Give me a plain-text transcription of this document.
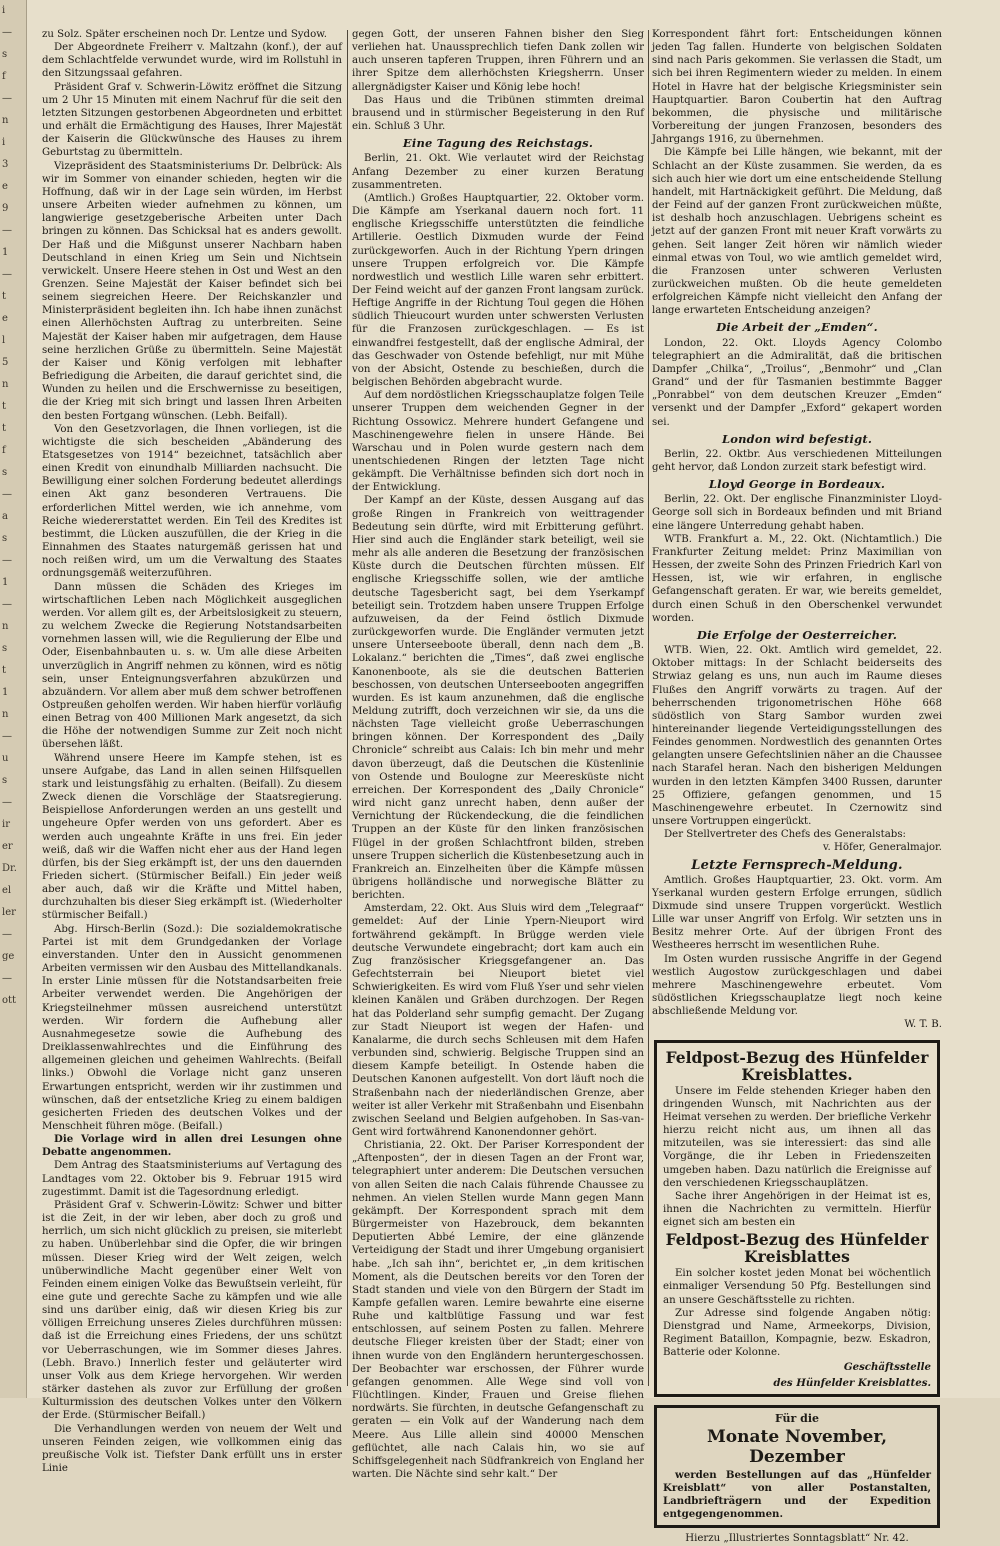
i
—
s
f
—
n
i
3
e
9
—
1
—
t
e
l
5
n
t
t
f
s
—
a
s
—
1
—
n
s
t
1
n
—
u
s
—
ir
er
Dr.
el
ler
—
ge
—
ott

zu Solz. Später erscheinen noch Dr. Lentze und Sydow.

Der Abgeordnete Freiherr v. Maltzahn (konf.), der auf dem Schlachtfelde verwundet wurde, wird im Rollstuhl in den Sitzungssaal gefahren.

Präsident Graf v. Schwerin-Löwitz eröffnet die Sitzung um 2 Uhr 15 Minuten mit einem Nachruf für die seit den letzten Sitzungen gestorbenen Abgeordneten und erbittet und erhält die Ermächtigung des Hauses, Ihrer Majestät der Kaiserin die Glückwünsche des Hauses zu ihrem Geburtstag zu übermitteln.

Vizepräsident des Staatsministeriums Dr. Delbrück: Als wir im Sommer von einander schieden, hegten wir die Hoffnung, daß wir in der Lage sein würden, im Herbst unsere Arbeiten wieder aufnehmen zu können, um langwierige gesetzgeberische Arbeiten unter Dach bringen zu können. Das Schicksal hat es anders gewollt. Der Haß und die Mißgunst unserer Nachbarn haben Deutschland in einen Krieg um Sein und Nichtsein verwickelt. Unsere Heere stehen in Ost und West an den Grenzen. Seine Majestät der Kaiser befindet sich bei seinem siegreichen Heere. Der Reichskanzler und Ministerpräsident begleiten ihn. Ich habe ihnen zunächst einen Allerhöchsten Auftrag zu unterbreiten. Seine Majestät der Kaiser haben mir aufgetragen, dem Hause seine herzlichen Grüße zu übermitteln. Seine Majestät der Kaiser und König verfolgen mit lebhafter Befriedigung die Arbeiten, die darauf gerichtet sind, die Wunden zu heilen und die Erschwernisse zu beseitigen, die der Krieg mit sich bringt und lassen Ihren Arbeiten den besten Fortgang wünschen. (Lebh. Beifall).

Von den Gesetzvorlagen, die Ihnen vorliegen, ist die wichtigste die sich bescheiden „Abänderung des Etatsgesetzes von 1914“ bezeichnet, tatsächlich aber einen Kredit von einundhalb Milliarden nachsucht. Die Bewilligung einer solchen Forderung bedeutet allerdings einen Akt ganz besonderen Vertrauens. Die erforderlichen Mittel werden, wie ich annehme, vom Reiche wiedererstattet werden. Ein Teil des Kredites ist bestimmt, die Lücken auszufüllen, die der Krieg in die Einnahmen des Staates naturgemäß gerissen hat und noch reißen wird, um um die Verwaltung des Staates ordnungsgemäß weiterzuführen.

Dann müssen die Schäden des Krieges im wirtschaftlichen Leben nach Möglichkeit ausgeglichen werden. Vor allem gilt es, der Arbeitslosigkeit zu steuern, zu welchem Zwecke die Regierung Notstandsarbeiten vornehmen lassen will, wie die Regulierung der Elbe und Oder, Eisenbahnbauten u. s. w. Um alle diese Arbeiten unverzüglich in Angriff nehmen zu können, wird es nötig sein, unser Enteignungsverfahren abzukürzen und abzuändern. Vor allem aber muß dem schwer betroffenen Ostpreußen geholfen werden. Wir haben hierfür vorläufig einen Betrag von 400 Millionen Mark angesetzt, da sich die Höhe der notwendigen Summe zur Zeit noch nicht übersehen läßt.

Während unsere Heere im Kampfe stehen, ist es unsere Aufgabe, das Land in allen seinen Hilfsquellen stark und leistungsfähig zu erhalten. (Beifall). Zu diesem Zweck dienen die Vorschläge der Staatsregierung. Beispiellose Anforderungen werden an uns gestellt und ungeheure Opfer werden von uns gefordert. Aber es werden auch ungeahnte Kräfte in uns frei. Ein jeder weiß, daß wir die Waffen nicht eher aus der Hand legen dürfen, bis der Sieg erkämpft ist, der uns den dauernden Frieden sichert. (Stürmischer Beifall.) Ein jeder weiß aber auch, daß wir die Kräfte und Mittel haben, durchzuhalten bis dieser Sieg erkämpft ist. (Wiederholter stürmischer Beifall.)

Abg. Hirsch-Berlin (Sozd.): Die sozialdemokratische Partei ist mit dem Grundgedanken der Vorlage einverstanden. Unter den in Aussicht genommenen Arbeiten vermissen wir den Ausbau des Mittellandkanals. In erster Linie müssen für die Notstandsarbeiten freie Arbeiter verwendet werden. Die Angehörigen der Kriegsteilnehmer müssen ausreichend unterstützt werden. Wir fordern die Aufhebung aller Ausnahmegesetze sowie die Aufhebung des Dreiklassenwahlrechtes und die Einführung des allgemeinen gleichen und geheimen Wahlrechts. (Beifall links.) Obwohl die Vorlage nicht ganz unseren Erwartungen entspricht, werden wir ihr zustimmen und wünschen, daß der entsetzliche Krieg zu einem baldigen gesicherten Frieden des deutschen Volkes und der Menschheit führen möge. (Beifall.)

Die Vorlage wird in allen drei Lesungen ohne Debatte angenommen.

Dem Antrag des Staatsministeriums auf Vertagung des Landtages vom 22. Oktober bis 9. Februar 1915 wird zugestimmt. Damit ist die Tagesordnung erledigt.

Präsident Graf v. Schwerin-Löwitz: Schwer und bitter ist die Zeit, in der wir leben, aber doch zu groß und herrlich, um sich nicht glücklich zu preisen, sie miterlebt zu haben. Unüberlehbar sind die Opfer, die wir bringen müssen. Dieser Krieg wird der Welt zeigen, welch unüberwindliche Macht gegenüber einer Welt von Feinden einem einigen Volke das Bewußtsein verleiht, für eine gute und gerechte Sache zu kämpfen und wie alle sind uns darüber einig, daß wir diesen Krieg bis zur völligen Erreichung unseres Zieles durchführen müssen: daß ist die Erreichung eines Friedens, der uns schützt vor Ueberraschungen, wie im Sommer dieses Jahres. (Lebh. Bravo.) Innerlich fester und geläuterter wird unser Volk aus dem Kriege hervorgehen. Wir werden stärker dastehen als zuvor zur Erfüllung der großen Kulturmission des deutschen Volkes unter den Völkern der Erde. (Stürmischer Beifall.)

Die Verhandlungen werden von neuem der Welt und unseren Feinden zeigen, wie vollkommen einig das preußische Volk ist. Tiefster Dank erfüllt uns in erster Linie

gegen Gott, der unseren Fahnen bisher den Sieg verliehen hat. Unaussprechlich tiefen Dank zollen wir auch unseren tapferen Truppen, ihren Führern und an ihrer Spitze dem allerhöchsten Kriegsherrn. Unser allergnädigster Kaiser und König lebe hoch!

Das Haus und die Tribünen stimmten dreimal brausend und in stürmischer Begeisterung in den Ruf ein. Schluß 3 Uhr.

Eine Tagung des Reichstags.

Berlin, 21. Okt. Wie verlautet wird der Reichstag Anfang Dezember zu einer kurzen Beratung zusammentreten.

(Amtlich.) Großes Hauptquartier, 22. Oktober vorm. Die Kämpfe am Yserkanal dauern noch fort. 11 englische Kriegsschiffe unterstützten die feindliche Artillerie. Oestlich Dixmuden wurde der Feind zurückgeworfen. Auch in der Richtung Ypern dringen unsere Truppen erfolgreich vor. Die Kämpfe nordwestlich und westlich Lille waren sehr erbittert. Der Feind weicht auf der ganzen Front langsam zurück. Heftige Angriffe in der Richtung Toul gegen die Höhen südlich Thieucourt wurden unter schwersten Verlusten für die Franzosen zurückgeschlagen. — Es ist einwandfrei festgestellt, daß der englische Admiral, der das Geschwader von Ostende befehligt, nur mit Mühe von der Absicht, Ostende zu beschießen, durch die belgischen Behörden abgebracht wurde.

Auf dem nordöstlichen Kriegsschauplatze folgen Teile unserer Truppen dem weichenden Gegner in der Richtung Ossowicz. Mehrere hundert Gefangene und Maschinengewehre fielen in unsere Hände. Bei Warschau und in Polen wurde gestern nach dem unentschiedenen Ringen der letzten Tage nicht gekämpft. Die Verhältnisse befinden sich dort noch in der Entwicklung.

Der Kampf an der Küste, dessen Ausgang auf das große Ringen in Frankreich von weittragender Bedeutung sein dürfte, wird mit Erbitterung geführt. Hier sind auch die Engländer stark beteiligt, weil sie mehr als alle anderen die Besetzung der französischen Küste durch die Deutschen fürchten müssen. Elf englische Kriegsschiffe sollen, wie der amtliche deutsche Tagesbericht sagt, bei dem Yserkampf beteiligt sein. Trotzdem haben unsere Truppen Erfolge aufzuweisen, da der Feind östlich Dixmude zurückgeworfen wurde. Die Engländer vermuten jetzt unsere Unterseeboote überall, denn nach dem „B. Lokalanz.“ berichten die „Times“, daß zwei englische Kanonenboote, als sie die deutschen Batterien beschossen, von deutschen Unterseebooten angegriffen wurden. Es ist kaum anzunehmen, daß die englische Meldung zutrifft, doch verzeichnen wir sie, da uns die nächsten Tage vielleicht große Ueberraschungen bringen können. Der Korrespondent des „Daily Chronicle“ schreibt aus Calais: Ich bin mehr und mehr davon überzeugt, daß die Deutschen die Küstenlinie von Ostende und Boulogne zur Meeresküste nicht erreichen. Der Korrespondent des „Daily Chronicle“ wird nicht ganz unrecht haben, denn außer der Vernichtung der Rückendeckung, die die feindlichen Truppen an der Küste für den linken französischen Flügel in der großen Schlachtfront bilden, streben unsere Truppen sicherlich die Küstenbesetzung auch in Frankreich an. Einzelheiten über die Kämpfe müssen übrigens holländische und norwegische Blätter zu berichten.

Amsterdam, 22. Okt. Aus Sluis wird dem „Telegraaf“ gemeldet: Auf der Linie Ypern-Nieuport wird fortwährend gekämpft. In Brügge werden viele deutsche Verwundete eingebracht; dort kam auch ein Zug französischer Kriegsgefangener an. Das Gefechtsterrain bei Nieuport bietet viel Schwierigkeiten. Es wird vom Fluß Yser und sehr vielen kleinen Kanälen und Gräben durchzogen. Der Regen hat das Polderland sehr sumpfig gemacht. Der Zugang zur Stadt Nieuport ist wegen der Hafen- und Kanalarme, die durch sechs Schleusen mit dem Hafen verbunden sind, schwierig. Belgische Truppen sind an diesem Kampfe beteiligt. In Ostende haben die Deutschen Kanonen aufgestellt. Von dort läuft noch die Straßenbahn nach der niederländischen Grenze, aber weiter ist aller Verkehr mit Straßenbahn und Eisenbahn zwischen Seeland und Belgien aufgehoben. In Sas-van-Gent wird fortwährend Kanonendonner gehört.

Christiania, 22. Okt. Der Pariser Korrespondent der „Aftenposten“, der in diesen Tagen an der Front war, telegraphiert unter anderem: Die Deutschen versuchen von allen Seiten die nach Calais führende Chaussee zu nehmen. An vielen Stellen wurde Mann gegen Mann gekämpft. Der Korrespondent sprach mit dem Bürgermeister von Hazebrouck, dem bekannten Deputierten Abbé Lemire, der eine glänzende Verteidigung der Stadt und ihrer Umgebung organisiert habe. „Ich sah ihn“, berichtet er, „in dem kritischen Moment, als die Deutschen bereits vor den Toren der Stadt standen und viele von den Bürgern der Stadt im Kampfe gefallen waren. Lemire bewahrte eine eiserne Ruhe und kaltblütige Fassung und war fest entschlossen, auf seinem Posten zu fallen. Mehrere deutsche Flieger kreisten über der Stadt; einer von ihnen wurde von den Engländern heruntergeschossen. Der Beobachter war erschossen, der Führer wurde gefangen genommen. Alle Wege sind voll von Flüchtlingen. Kinder, Frauen und Greise fliehen nordwärts. Sie fürchten, in deutsche Gefangenschaft zu geraten — ein Volk auf der Wanderung nach dem Meere. Aus Lille allein sind 40000 Menschen geflüchtet, alle nach Calais hin, wo sie auf Schiffsgelegenheit nach Südfrankreich von England her warten. Die Nächte sind sehr kalt.“ Der

Korrespondent fährt fort: Entscheidungen können jeden Tag fallen. Hunderte von belgischen Soldaten sind nach Paris gekommen. Sie verlassen die Stadt, um sich bei ihren Regimentern wieder zu melden. In einem Hotel in Havre hat der belgische Kriegsminister sein Hauptquartier. Baron Coubertin hat den Auftrag bekommen, die physische und militärische Vorbereitung der jungen Franzosen, besonders des Jahrgangs 1916, zu übernehmen.

Die Kämpfe bei Lille hängen, wie bekannt, mit der Schlacht an der Küste zusammen. Sie werden, da es sich auch hier wie dort um eine entscheidende Stellung handelt, mit Hartnäckigkeit geführt. Die Meldung, daß der Feind auf der ganzen Front zurückweichen müßte, ist deshalb hoch anzuschlagen. Uebrigens scheint es jetzt auf der ganzen Front mit neuer Kraft vorwärts zu gehen. Seit langer Zeit hören wir nämlich wieder einmal etwas von Toul, wo wie amtlich gemeldet wird, die Franzosen unter schweren Verlusten zurückweichen mußten. Ob die heute gemeldeten erfolgreichen Kämpfe nicht vielleicht den Anfang der lange erwarteten Entscheidung anzeigen?

Die Arbeit der „Emden“.

London, 22. Okt. Lloyds Agency Colombo telegraphiert an die Admiralität, daß die britischen Dampfer „Chilka“, „Troilus“, „Benmohr“ und „Clan Grand“ und der für Tasmanien bestimmte Bagger „Ponrabbel“ von dem deutschen Kreuzer „Emden“ versenkt und der Dampfer „Exford“ gekapert worden sei.

London wird befestigt.

Berlin, 22. Oktbr. Aus verschiedenen Mitteilungen geht hervor, daß London zurzeit stark befestigt wird.

Lloyd George in Bordeaux.

Berlin, 22. Okt. Der englische Finanzminister Lloyd-George soll sich in Bordeaux befinden und mit Briand eine längere Unterredung gehabt haben.

WTB. Frankfurt a. M., 22. Okt. (Nichtamtlich.) Die Frankfurter Zeitung meldet: Prinz Maximilian von Hessen, der zweite Sohn des Prinzen Friedrich Karl von Hessen, ist, wie wir erfahren, in englische Gefangenschaft geraten. Er war, wie bereits gemeldet, durch einen Schuß in den Oberschenkel verwundet worden.

Die Erfolge der Oesterreicher.

WTB. Wien, 22. Okt. Amtlich wird gemeldet, 22. Oktober mittags: In der Schlacht beiderseits des Strwiaz gelang es uns, nun auch im Raume dieses Flußes den Angriff vorwärts zu tragen. Auf der beherrschenden trigonometrischen Höhe 668 südöstlich von Starg Sambor wurden zwei hintereinander liegende Verteidigungsstellungen des Feindes genommen. Nordwestlich des genannten Ortes gelangten unsere Gefechtslinien näher an die Chaussee nach Starafel heran. Nach den bisherigen Meldungen wurden in den letzten Kämpfen 3400 Russen, darunter 25 Offiziere, gefangen genommen, und 15 Maschinengewehre erbeutet. In Czernowitz sind unsere Vortruppen eingerückt.

Der Stellvertreter des Chefs des Generalstabs:

v. Höfer, Generalmajor.

Letzte Fernsprech-Meldung.

Amtlich. Großes Hauptquartier, 23. Okt. vorm. Am Yserkanal wurden gestern Erfolge errungen, südlich Dixmude sind unsere Truppen vorgerückt. Westlich Lille war unser Angriff von Erfolg. Wir setzten uns in Besitz mehrer Orte. Auf der übrigen Front des Westheeres herrscht im wesentlichen Ruhe.

Im Osten wurden russische Angriffe in der Gegend westlich Augostow zurückgeschlagen und dabei mehrere Maschinengewehre erbeutet. Vom südöstlichen Kriegsschauplatze liegt noch keine abschließende Meldung vor.

W. T. B.

Feldpost-Bezug des Hünfelder Kreisblattes.

Unsere im Felde stehenden Krieger haben den dringenden Wunsch, mit Nachrichten aus der Heimat versehen zu werden. Der briefliche Verkehr hierzu reicht nicht aus, um ihnen all das mitzuteilen, was sie interessiert: das sind alle Vorgänge, die ihr Leben in Friedenszeiten umgeben haben. Dazu natürlich die Ereignisse auf den verschiedenen Kriegsschauplätzen.

Sache ihrer Angehörigen in der Heimat ist es, ihnen die Nachrichten zu vermitteln. Hierfür eignet sich am besten ein

Feldpost-Bezug des Hünfelder Kreisblattes

Ein solcher kostet jeden Monat bei wöchentlich einmaliger Versendung 50 Pfg. Bestellungen sind an unsere Geschäftsstelle zu richten.

Zur Adresse sind folgende Angaben nötig: Dienstgrad und Name, Armeekorps, Division, Regiment Bataillon, Kompagnie, bezw. Eskadron, Batterie oder Kolonne.

Geschäftsstelle
des Hünfelder Kreisblattes.
Für die
Monate November, Dezember

werden Bestellungen auf das „Hünfelder Kreisblatt“ von aller Postanstalten, Landbriefträgern und der Expedition entgegengenommen.

Hierzu „Illustriertes Sonntagsblatt“ Nr. 42.
